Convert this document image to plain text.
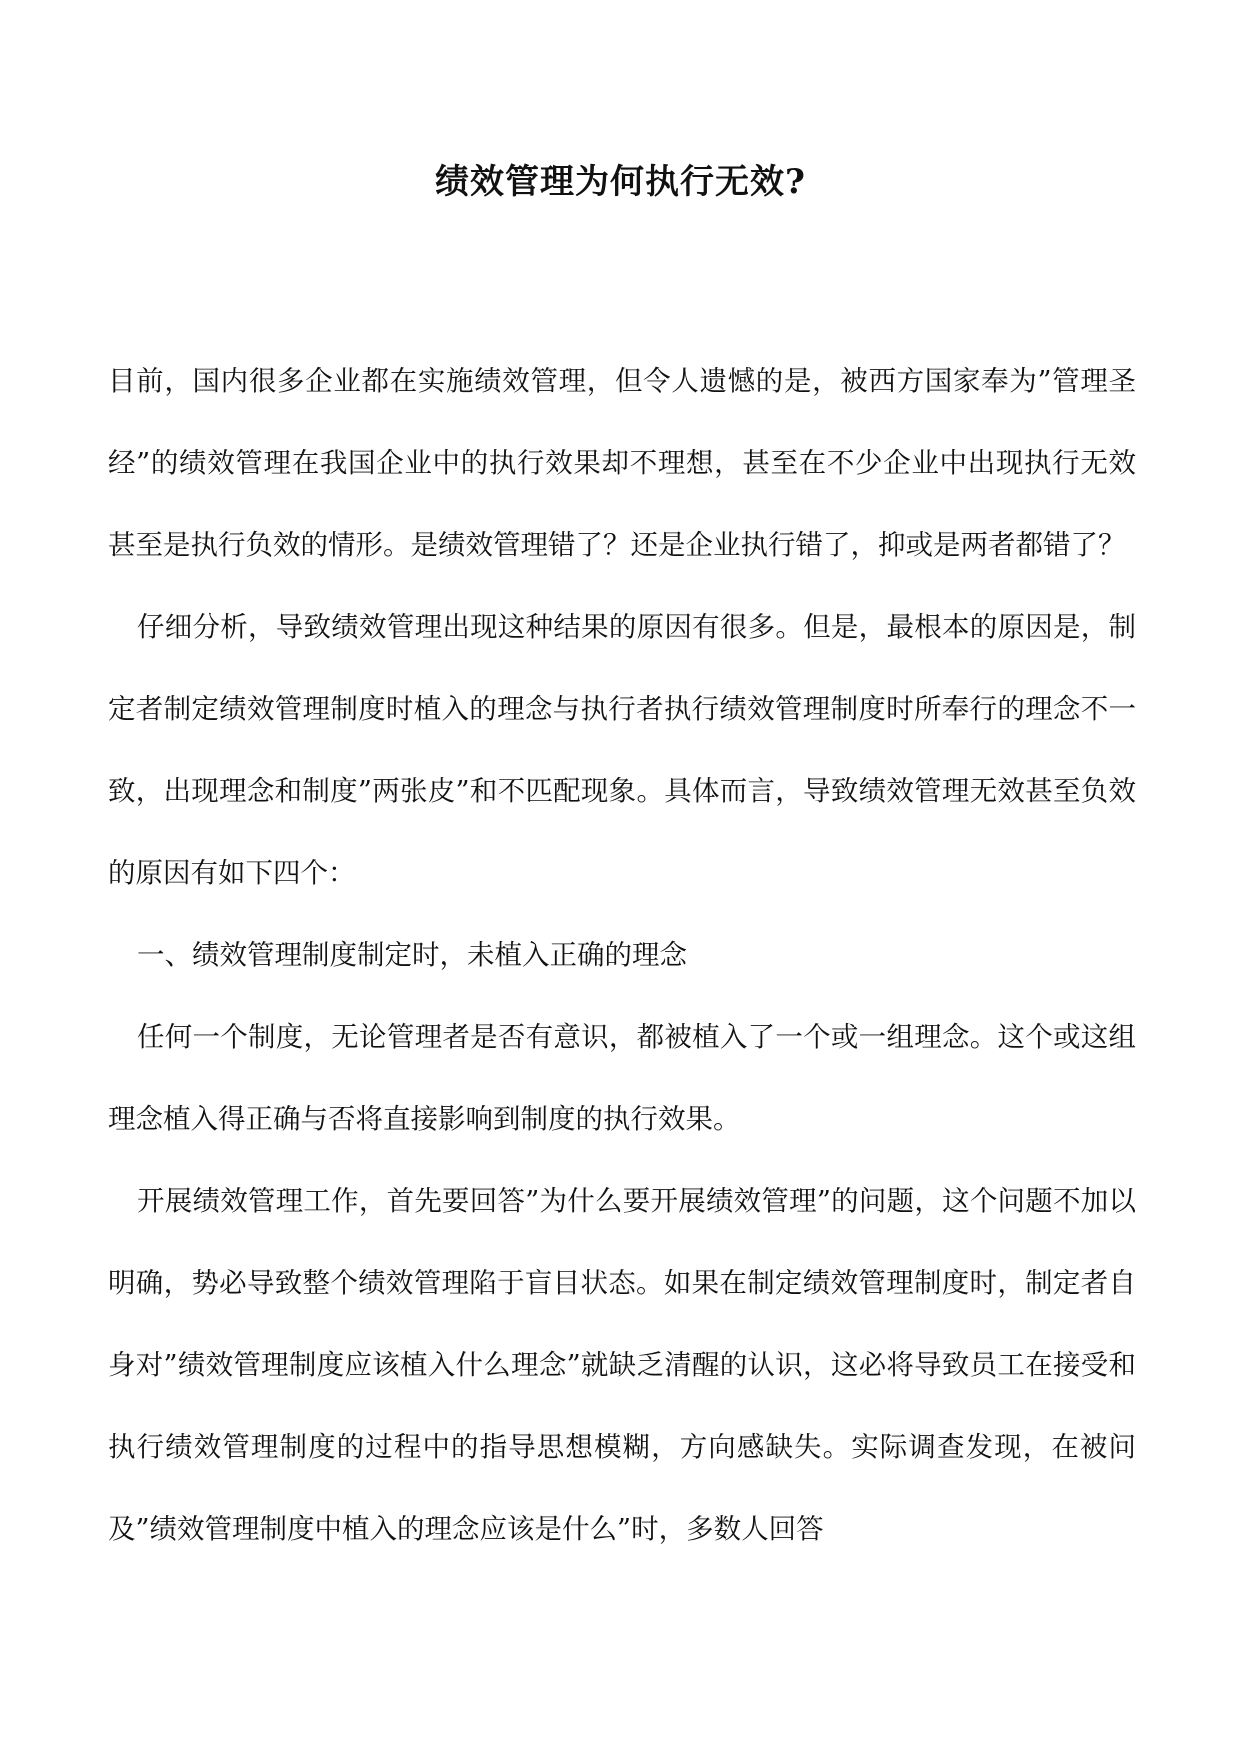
绩效管理为何执行无效?

目前，国内很多企业都在实施绩效管理，但令人遗憾的是，被西方国家奉为”管理圣经”的绩效管理在我国企业中的执行效果却不理想，甚至在不少企业中出现执行无效甚至是执行负效的情形。是绩效管理错了？还是企业执行错了，抑或是两者都错了？

仔细分析，导致绩效管理出现这种结果的原因有很多。但是，最根本的原因是，制定者制定绩效管理制度时植入的理念与执行者执行绩效管理制度时所奉行的理念不一致，出现理念和制度”两张皮”和不匹配现象。具体而言，导致绩效管理无效甚至负效的原因有如下四个：

一、绩效管理制度制定时，未植入正确的理念

任何一个制度，无论管理者是否有意识，都被植入了一个或一组理念。这个或这组理念植入得正确与否将直接影响到制度的执行效果。

开展绩效管理工作，首先要回答”为什么要开展绩效管理”的问题，这个问题不加以明确，势必导致整个绩效管理陷于盲目状态。如果在制定绩效管理制度时，制定者自身对”绩效管理制度应该植入什么理念”就缺乏清醒的认识，这必将导致员工在接受和执行绩效管理制度的过程中的指导思想模糊，方向感缺失。实际调查发现，在被问及”绩效管理制度中植入的理念应该是什么”时，多数人回答
